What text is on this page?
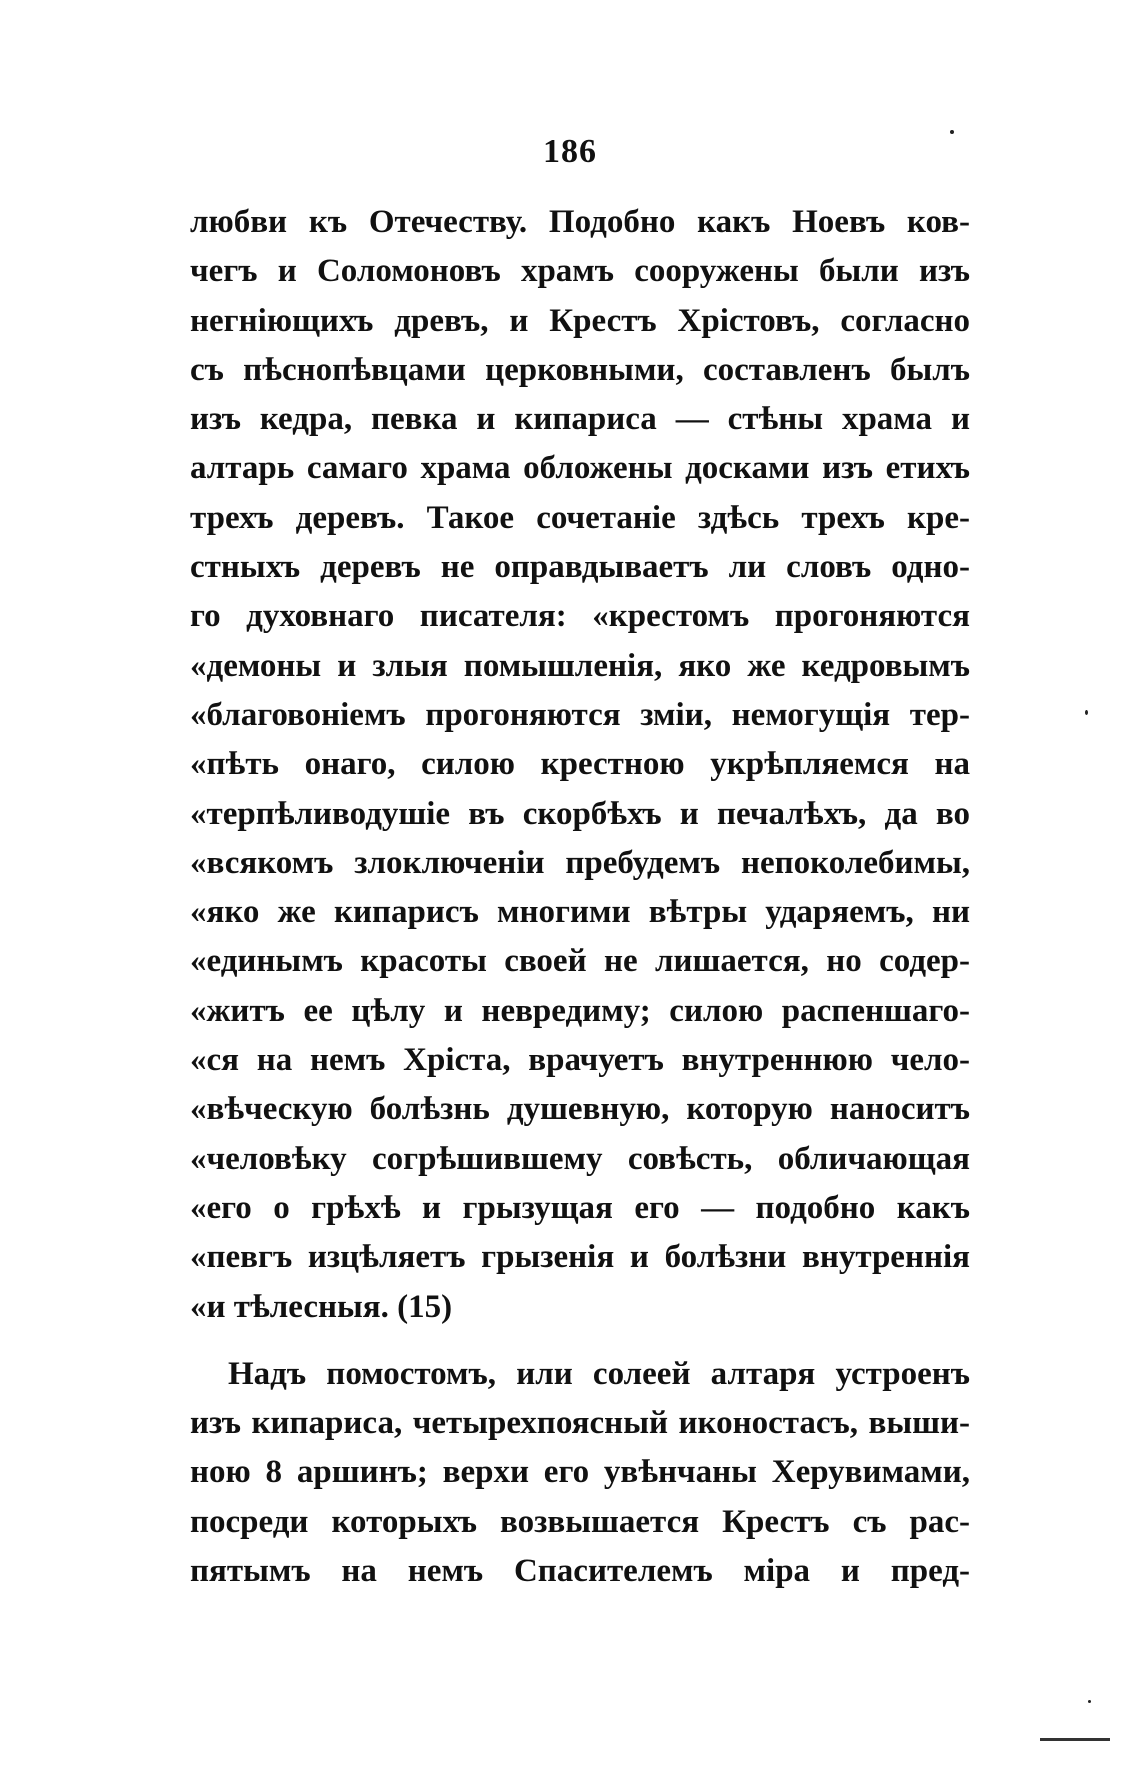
186
любви къ Отечеству. Подобно какъ Ноевъ ков-
чегъ и Соломоновъ храмъ сооружены были изъ
негніющихъ древъ, и Крестъ Хрістовъ, согласно
съ пѣснопѣвцами церковными, составленъ былъ
изъ кедра, певка и кипариса — стѣны храма и
алтарь самаго храма обложены досками изъ етихъ
трехъ деревъ. Такое сочетаніе здѣсь трехъ кре-
стныхъ деревъ не оправдываетъ ли словъ одно-
го духовнаго писателя: «крестомъ прогоняются
«демоны и злыя помышленія, яко же кедровымъ
«благовоніемъ прогоняются зміи, немогущія тер-
«пѣть онаго, силою крестною укрѣпляемся на
«терпѣливодушіе въ скорбѣхъ и печалѣхъ, да во
«всякомъ злоключеніи пребудемъ непоколебимы,
«яко же кипарисъ многими вѣтры ударяемъ, ни
«единымъ красоты своей не лишается, но содер-
«житъ ее цѣлу и невредиму; силою распеншаго-
«ся на немъ Хріста, врачуетъ внутреннюю чело-
«вѣческую болѣзнь душевную, которую наноситъ
«человѣку согрѣшившему совѣсть, обличающая
«его о грѣхѣ и грызущая его — подобно какъ
«певгъ изцѣляетъ грызенія и болѣзни внутреннія
«и тѣлесныя. (15)
Надъ помостомъ, или солеей алтаря устроенъ
изъ кипариса, четырехпоясный иконостасъ, выши-
ною 8 аршинъ; верхи его увѣнчаны Херувимами,
посреди которыхъ возвышается Крестъ съ рас-
пятымъ на немъ Спасителемъ міра и пред-
